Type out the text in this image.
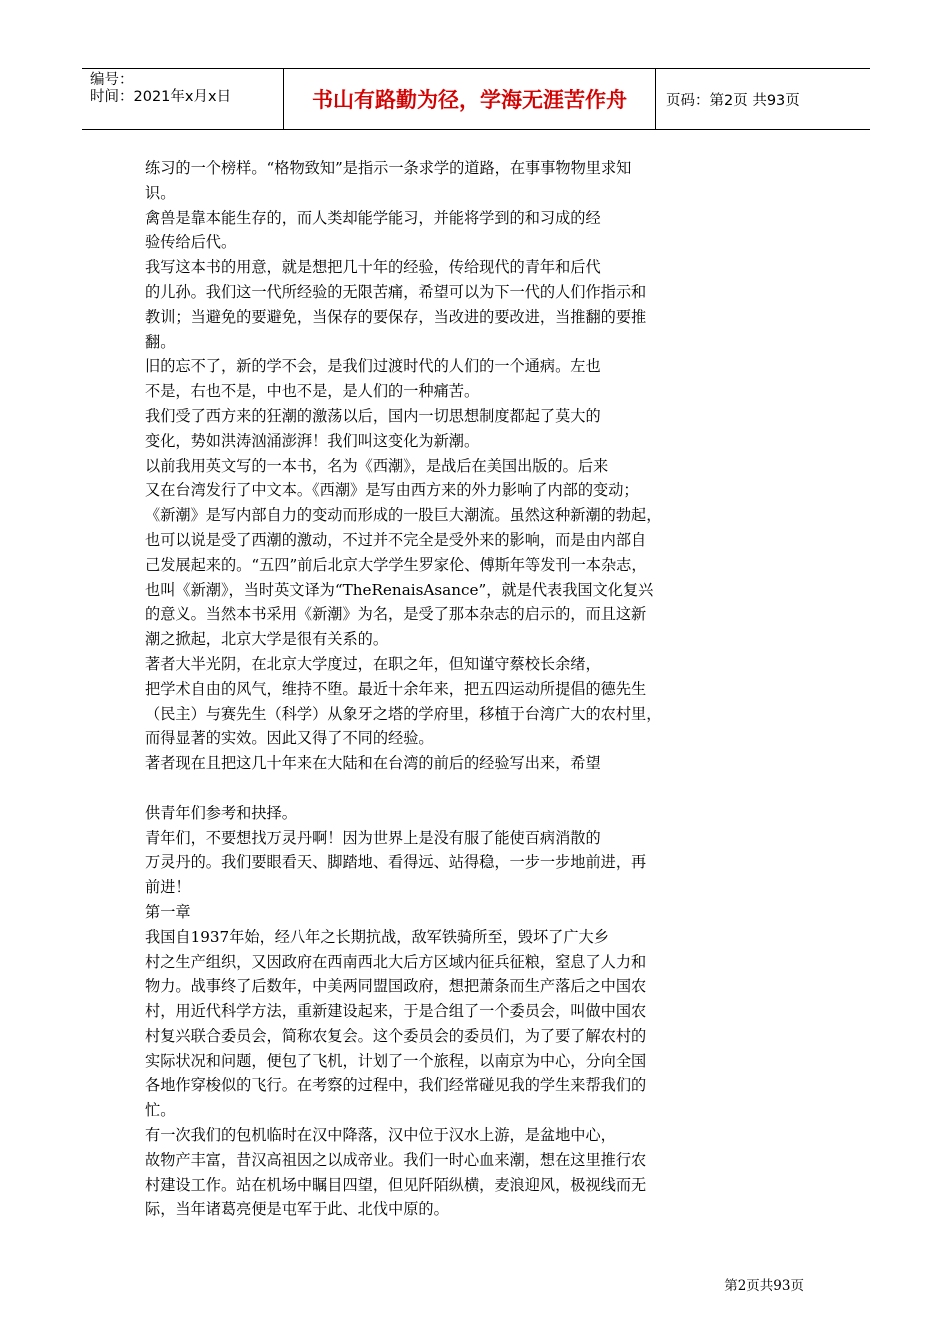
编号：
时间：2021年x月x日	书山有路勤为径，学海无涯苦作舟	页码：第2页 共93页
练习的一个榜样。“格物致知”是指示一条求学的道路，在事事物物里求知
识。
禽兽是靠本能生存的，而人类却能学能习，并能将学到的和习成的经
验传给后代。
我写这本书的用意，就是想把几十年的经验，传给现代的青年和后代
的儿孙。我们这一代所经验的无限苦痛，希望可以为下一代的人们作指示和
教训；当避免的要避免，当保存的要保存，当改进的要改进，当推翻的要推
翻。
旧的忘不了，新的学不会，是我们过渡时代的人们的一个通病。左也
不是，右也不是，中也不是，是人们的一种痛苦。
我们受了西方来的狂潮的激荡以后，国内一切思想制度都起了莫大的
变化，势如洪涛汹涌澎湃！我们叫这变化为新潮。
以前我用英文写的一本书，名为《西潮》，是战后在美国出版的。后来
又在台湾发行了中文本。《西潮》是写由西方来的外力影响了内部的变动；
《新潮》是写内部自力的变动而形成的一股巨大潮流。虽然这种新潮的勃起，
也可以说是受了西潮的激动，不过并不完全是受外来的影响，而是由内部自
己发展起来的。“五四”前后北京大学学生罗家伦、傅斯年等发刊一本杂志，
也叫《新潮》，当时英文译为“TheRenaisAsance”，就是代表我国文化复兴
的意义。当然本书采用《新潮》为名，是受了那本杂志的启示的，而且这新
潮之掀起，北京大学是很有关系的。
著者大半光阴，在北京大学度过，在职之年，但知谨守蔡校长余绪，
把学术自由的风气，维持不堕。最近十余年来，把五四运动所提倡的德先生
（民主）与赛先生（科学）从象牙之塔的学府里，移植于台湾广大的农村里，
而得显著的实效。因此又得了不同的经验。
著者现在且把这几十年来在大陆和在台湾的前后的经验写出来，希望
供青年们参考和抉择。
青年们，不要想找万灵丹啊！因为世界上是没有服了能使百病消散的
万灵丹的。我们要眼看天、脚踏地、看得远、站得稳，一步一步地前进，再
前进！
第一章
我国自1937年始，经八年之长期抗战，敌军铁骑所至，毁坏了广大乡
村之生产组织，又因政府在西南西北大后方区域内征兵征粮，窒息了人力和
物力。战事终了后数年，中美两同盟国政府，想把萧条而生产落后之中国农
村，用近代科学方法，重新建设起来，于是合组了一个委员会，叫做中国农
村复兴联合委员会，简称农复会。这个委员会的委员们，为了要了解农村的
实际状况和问题，便包了飞机，计划了一个旅程，以南京为中心，分向全国
各地作穿梭似的飞行。在考察的过程中，我们经常碰见我的学生来帮我们的
忙。
有一次我们的包机临时在汉中降落，汉中位于汉水上游，是盆地中心，
故物产丰富，昔汉高祖因之以成帝业。我们一时心血来潮，想在这里推行农
村建设工作。站在机场中瞩目四望，但见阡陌纵横，麦浪迎风，极视线而无
际，当年诸葛亮便是屯军于此、北伐中原的。
第2页共93页
